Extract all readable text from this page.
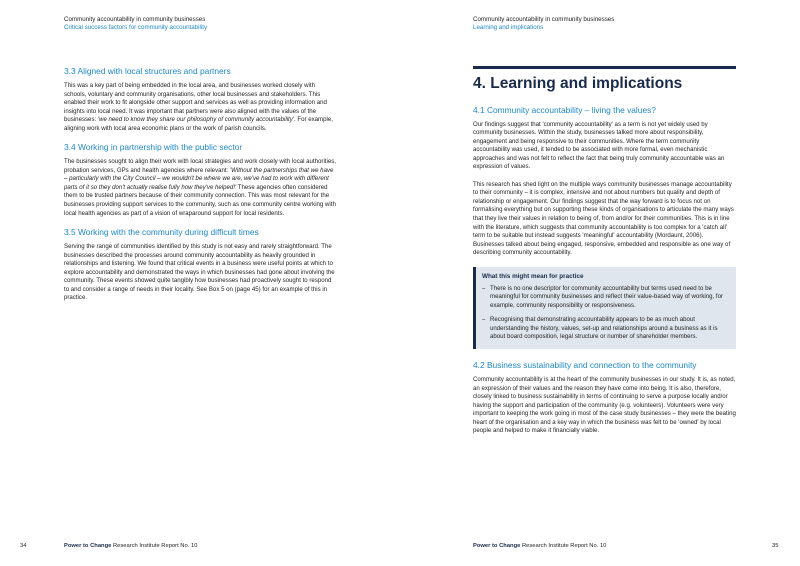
Community accountability in community businesses
Critical success factors for community accountability
3.3 Aligned with local structures and partners

This was a key part of being embedded in the local area, and businesses worked closely with schools, voluntary and community organisations, other local businesses and stakeholders. This enabled their work to fit alongside other support and services as well as providing information and insights into local need. It was important that partners were also aligned with the values of the businesses: 'we need to know they share our philosophy of community accountability'. For example, aligning work with local area economic plans or the work of parish councils.

3.4 Working in partnership with the public sector

The businesses sought to align their work with local strategies and work closely with local authorities, probation services, GPs and health agencies where relevant: 'Without the partnerships that we have – particularly with the City Council – we wouldn't be where we are, we've had to work with different parts of it so they don't actually realise fully how they've helped!' These agencies often considered them to be trusted partners because of their community connection. This was most relevant for the businesses providing support services to the community, such as one community centre working with local health agencies as part of a vision of wraparound support for local residents.

3.5 Working with the community during difficult times

Serving the range of communities identified by this study is not easy and rarely straightforward. The businesses described the processes around community accountability as heavily grounded in relationships and listening. We found that critical events in a business were useful points at which to explore accountability and demonstrated the ways in which businesses had gone about involving the community. These events showed quite tangibly how businesses had proactively sought to respond to and consider a range of needs in their locality. See Box 5 on (page 45) for an example of this in practice.

34	Power to Change Research Institute Report No. 10
Community accountability in community businesses
Learning and implications
4. Learning and implications
4.1 Community accountability – living the values?

Our findings suggest that 'community accountability' as a term is not yet widely used by community businesses. Within the study, businesses talked more about responsibility, engagement and being responsive to their communities. Where the term community accountability was used, it tended to be associated with more formal, even mechanistic approaches and was not felt to reflect the fact that being truly community accountable was an expression of values.

This research has shed light on the multiple ways community businesses manage accountability to their community – it is complex, intensive and not about numbers but quality and depth of relationship or engagement. Our findings suggest that the way forward is to focus not on formalising everything but on supporting these kinds of organisations to articulate the many ways that they live their values in relation to being of, from and/or for their communities. This is in line with the literature, which suggests that community accountability is too complex for a 'catch all' term to be suitable but instead suggests 'meaningful' accountability (Mordaunt, 2006). Businesses talked about being engaged, responsive, embedded and responsible as one way of describing community accountability.

What this might mean for practice
– There is no one descriptor for community accountability but terms used need to be meaningful for community businesses and reflect their value-based way of working, for example, community responsibility or responsiveness.
– Recognising that demonstrating accountability appears to be as much about understanding the history, values, set-up and relationships around a business as it is about board composition, legal structure or number of shareholder members.
4.2 Business sustainability and connection to the community

Community accountability is at the heart of the community businesses in our study. It is, as noted, an expression of their values and the reason they have come into being. It is also, therefore, closely linked to business sustainability in terms of continuing to serve a purpose locally and/or having the support and participation of the community (e.g. volunteers). Volunteers were very important to keeping the work going in most of the case study businesses – they were the beating heart of the organisation and a key way in which the business was felt to be 'owned' by local people and helped to make it financially viable.

Power to Change Research Institute Report No. 10	35
